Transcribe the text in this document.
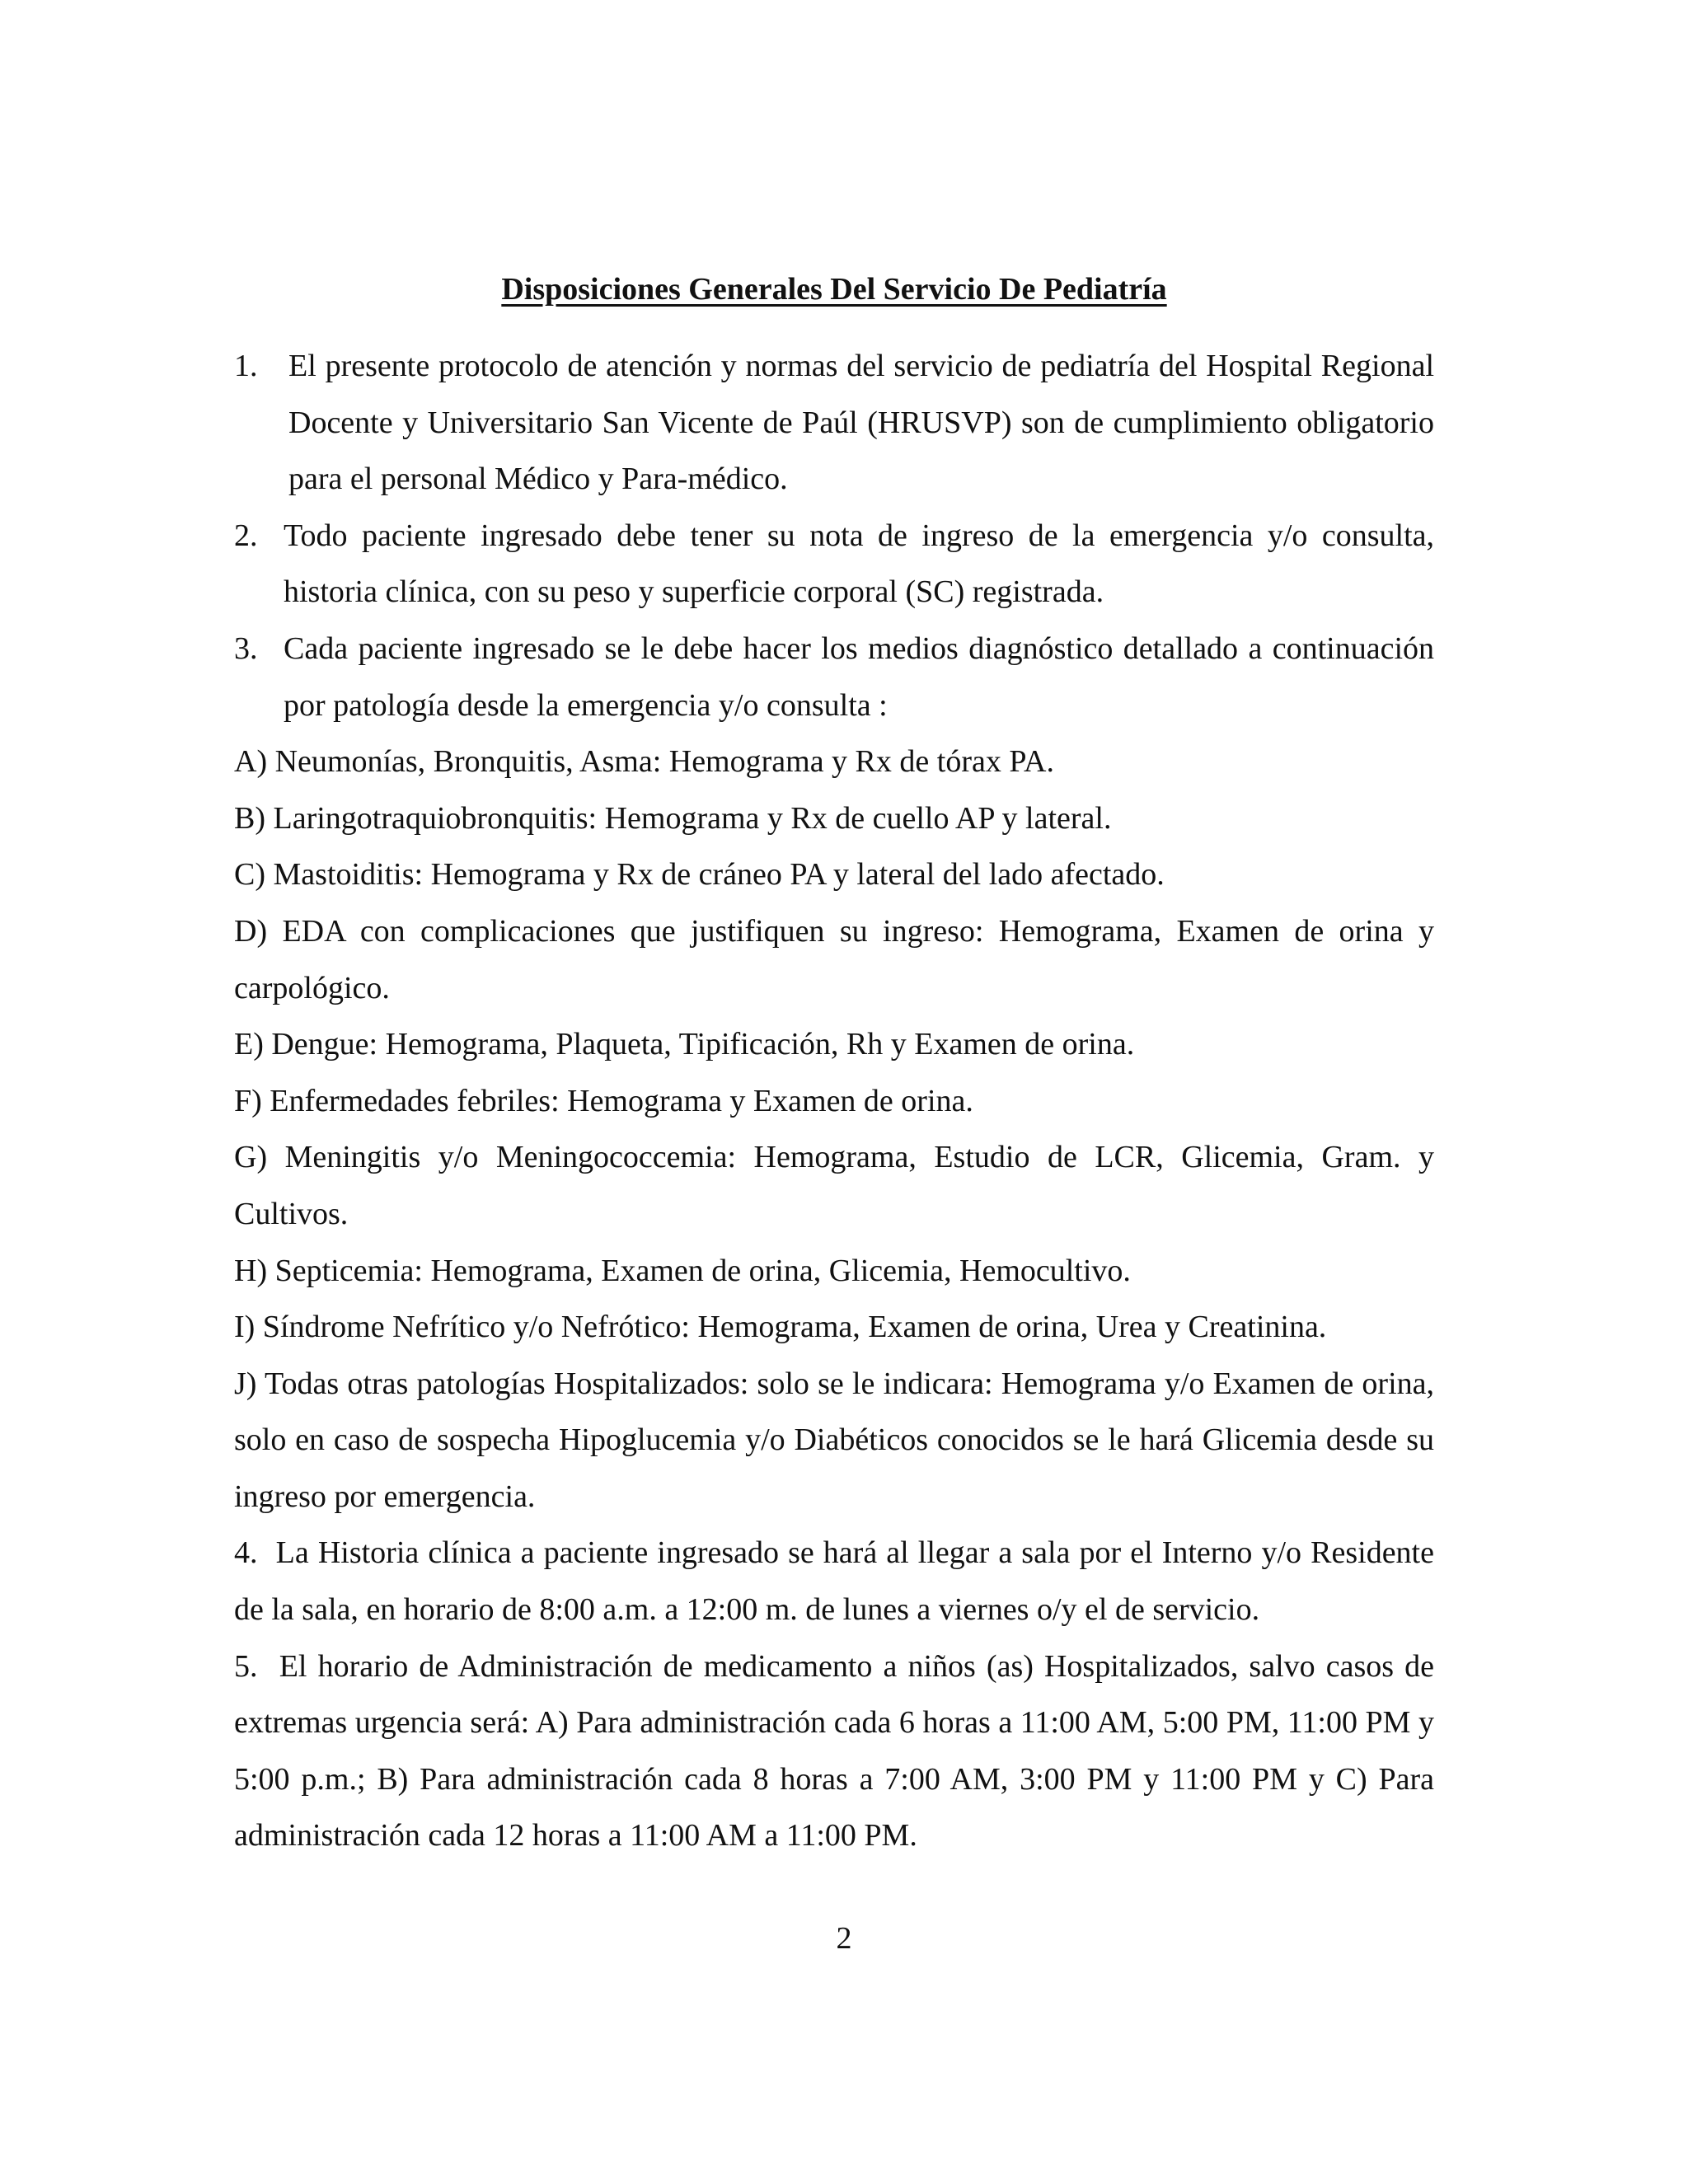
Disposiciones Generales Del Servicio De Pediatría
1. El presente protocolo de atención y normas del servicio de pediatría del Hospital Regional Docente y Universitario San Vicente de Paúl (HRUSVP) son de cumplimiento obligatorio para el personal Médico y Para-médico.
2. Todo paciente ingresado debe tener su nota de ingreso de la emergencia y/o consulta, historia clínica, con su peso y superficie corporal (SC) registrada.
3. Cada paciente ingresado se le debe hacer los medios diagnóstico detallado a continuación por patología desde la emergencia y/o consulta :

A) Neumonías, Bronquitis, Asma: Hemograma y Rx de tórax PA.

B) Laringotraquiobronquitis: Hemograma y Rx de cuello AP y lateral.

C) Mastoiditis: Hemograma y Rx de cráneo PA y lateral del lado afectado.

D) EDA con complicaciones que justifiquen su ingreso: Hemograma, Examen de orina y carpológico.

E) Dengue: Hemograma, Plaqueta, Tipificación, Rh y Examen de orina.

F) Enfermedades febriles: Hemograma y Examen de orina.

G) Meningitis y/o Meningococcemia: Hemograma, Estudio de LCR, Glicemia, Gram. y Cultivos.

H) Septicemia: Hemograma, Examen de orina, Glicemia, Hemocultivo.

I) Síndrome Nefrítico y/o Nefrótico: Hemograma, Examen de orina, Urea y Creatinina.

J) Todas otras patologías Hospitalizados: solo se le indicara: Hemograma y/o Examen de orina, solo en caso de sospecha Hipoglucemia y/o Diabéticos conocidos se le hará Glicemia desde su ingreso por emergencia.

4. La Historia clínica a paciente ingresado se hará al llegar a sala por el Interno y/o Residente de la sala, en horario de 8:00 a.m. a 12:00 m. de lunes a viernes o/y el de servicio.

5. El horario de Administración de medicamento a niños (as) Hospitalizados, salvo casos de extremas urgencia será: A) Para administración cada 6 horas a 11:00 AM, 5:00 PM, 11:00 PM y 5:00 p.m.; B) Para administración cada 8 horas a 7:00 AM, 3:00 PM y 11:00 PM y C) Para administración cada 12 horas a 11:00 AM a 11:00 PM.

2
